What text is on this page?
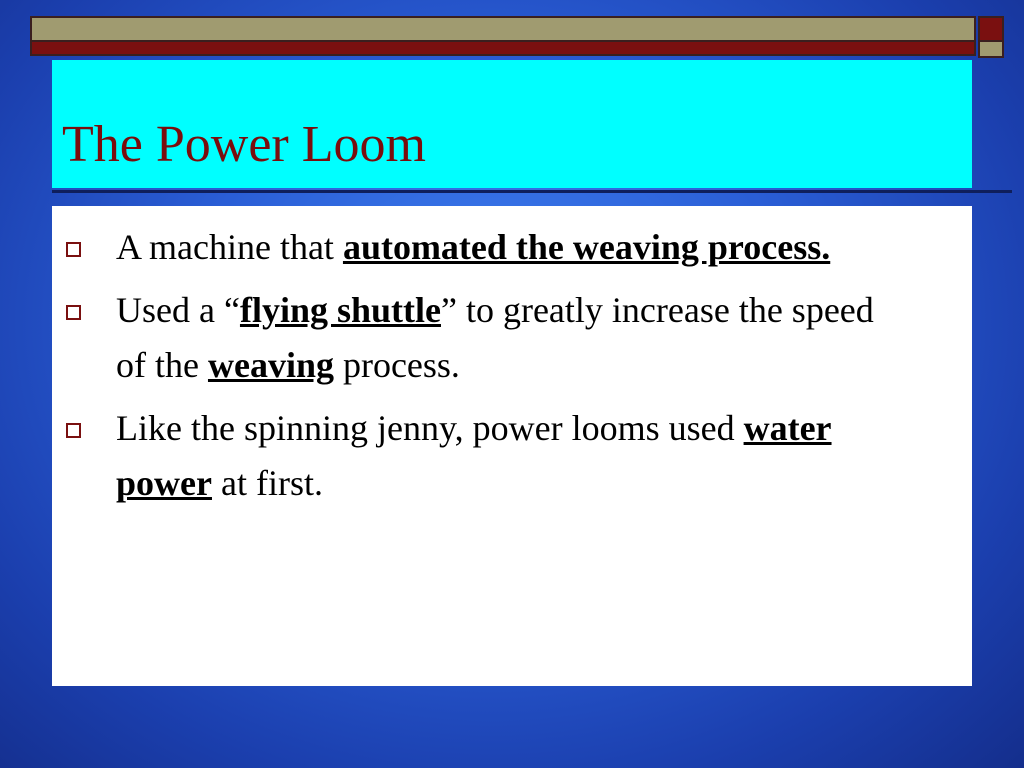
The Power Loom
A machine that automated the weaving process.
Used a “flying shuttle” to greatly increase the speed of the weaving process.
Like the spinning jenny, power looms used water power at first.
